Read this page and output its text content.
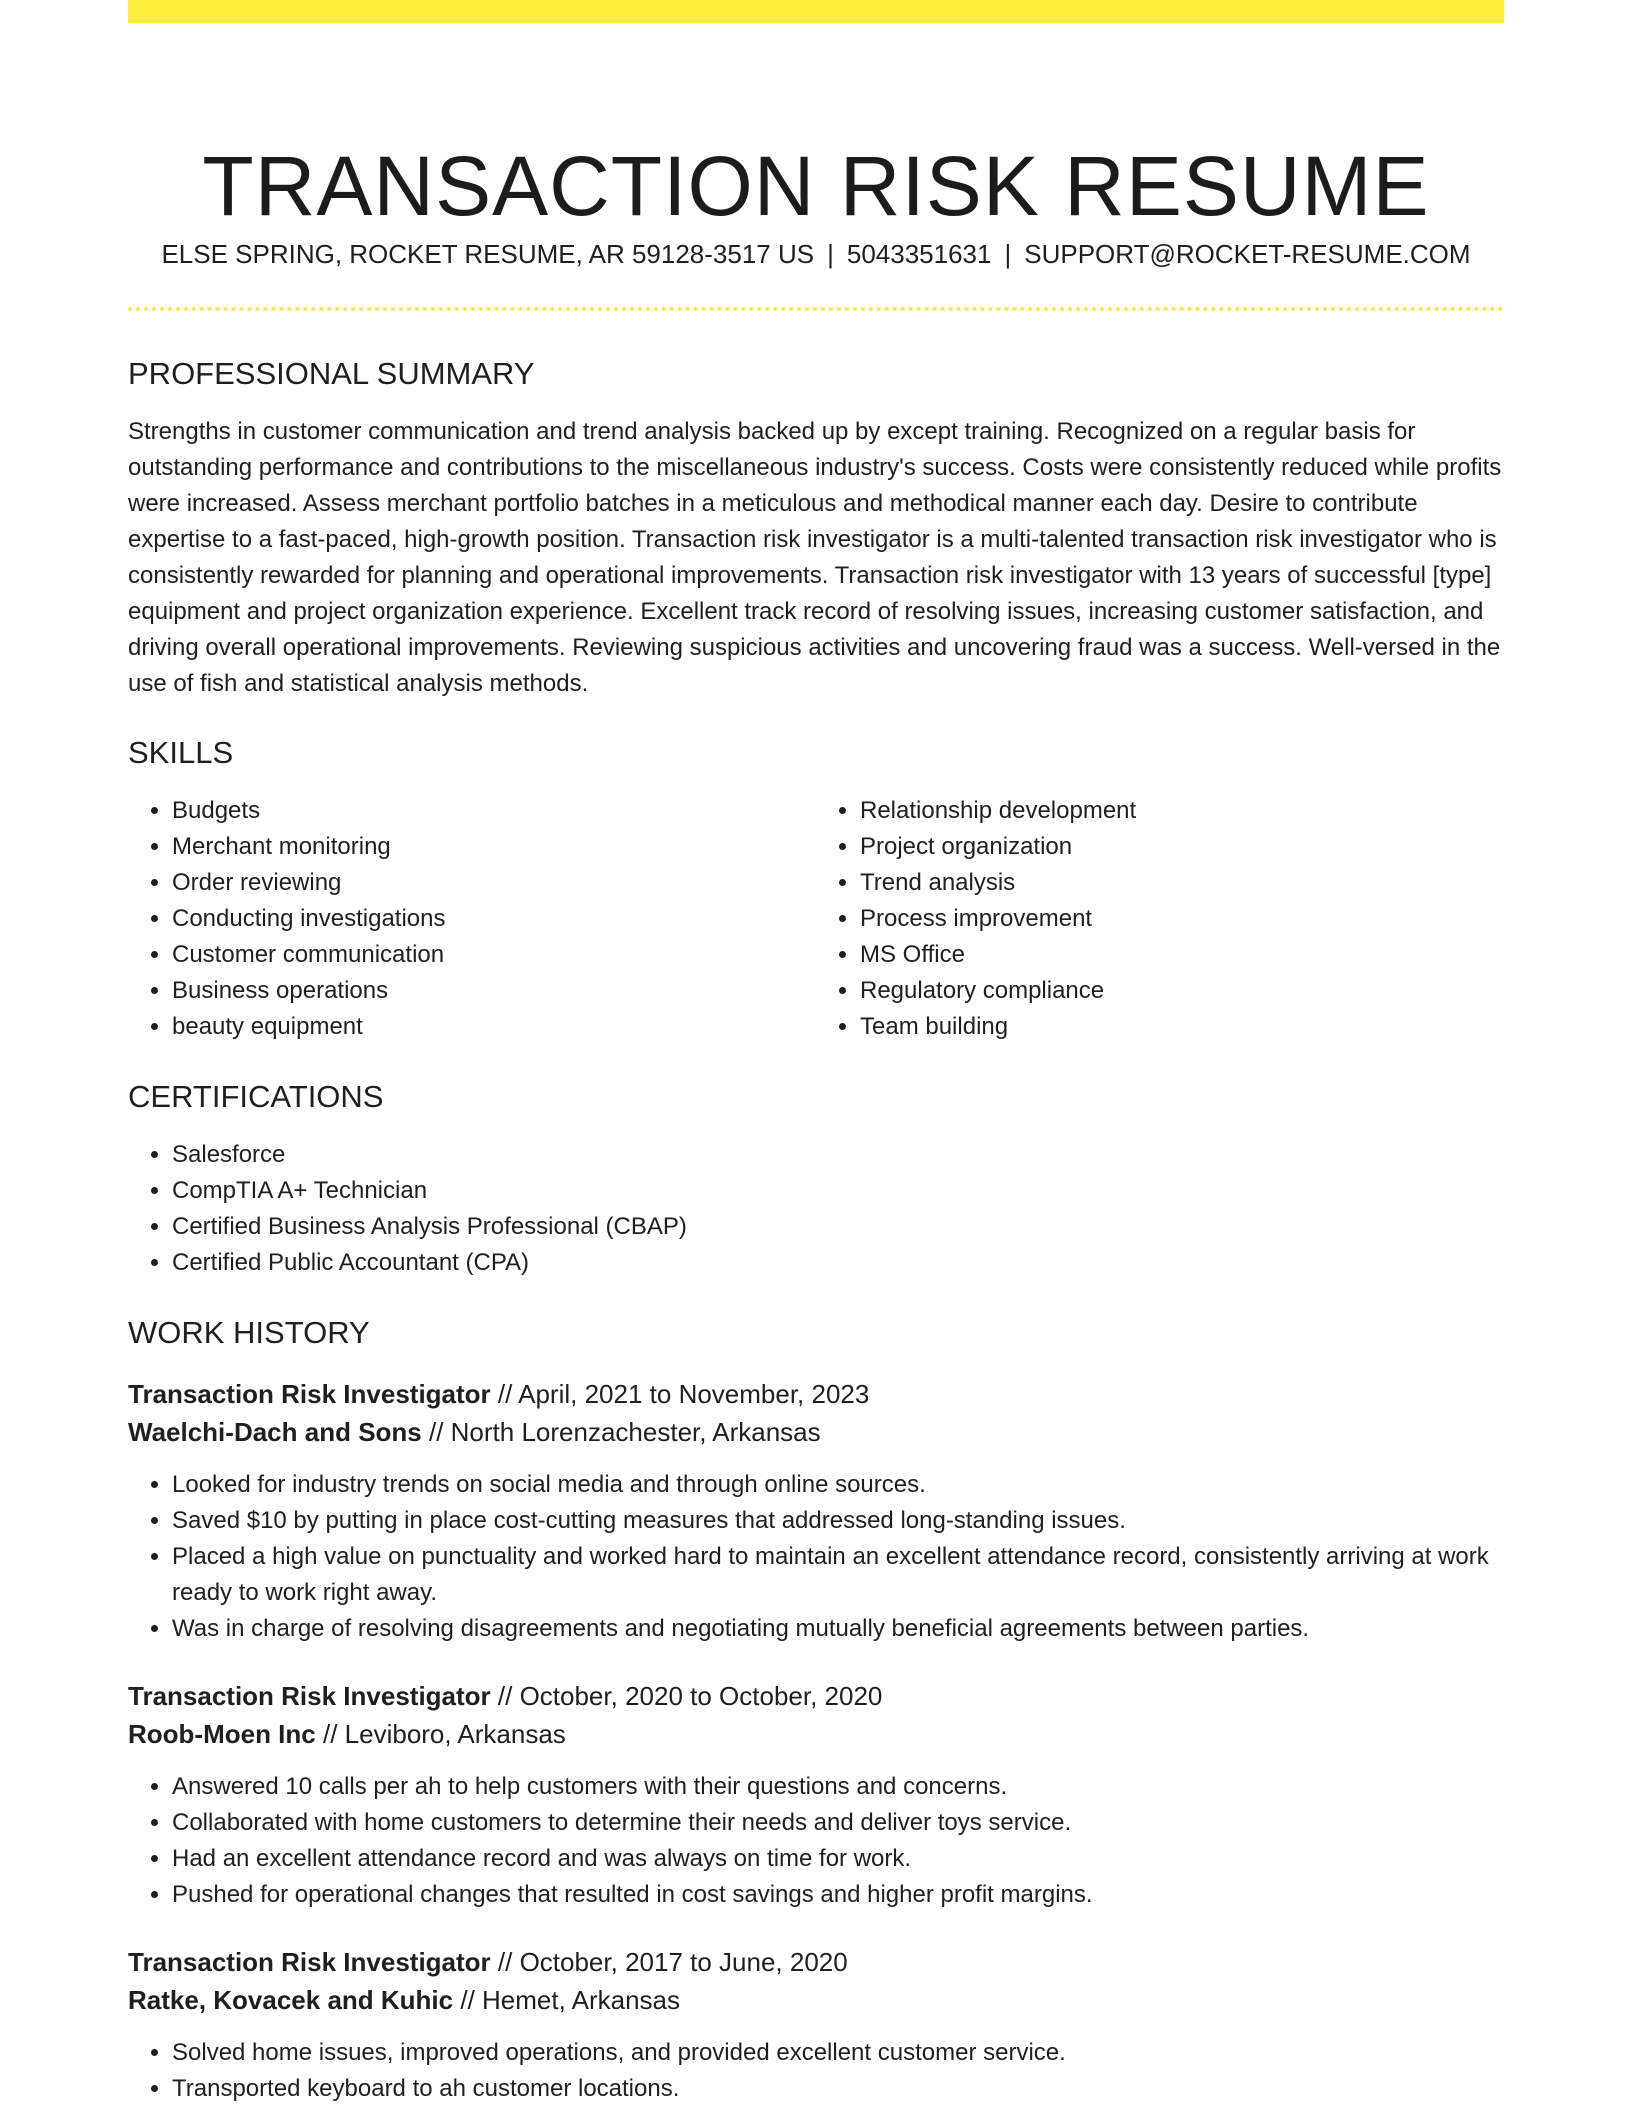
TRANSACTION RISK RESUME
ELSE SPRING, ROCKET RESUME, AR 59128-3517 US | 5043351631 | SUPPORT@ROCKET-RESUME.COM
PROFESSIONAL SUMMARY

Strengths in customer communication and trend analysis backed up by except training. Recognized on a regular basis for outstanding performance and contributions to the miscellaneous industry's success. Costs were consistently reduced while profits were increased. Assess merchant portfolio batches in a meticulous and methodical manner each day. Desire to contribute expertise to a fast-paced, high-growth position. Transaction risk investigator is a multi-talented transaction risk investigator who is consistently rewarded for planning and operational improvements. Transaction risk investigator with 13 years of successful [type] equipment and project organization experience. Excellent track record of resolving issues, increasing customer satisfaction, and driving overall operational improvements. Reviewing suspicious activities and uncovering fraud was a success. Well-versed in the use of fish and statistical analysis methods.

SKILLS
• Budgets
• Merchant monitoring
• Order reviewing
• Conducting investigations
• Customer communication
• Business operations
• beauty equipment
• Relationship development
• Project organization
• Trend analysis
• Process improvement
• MS Office
• Regulatory compliance
• Team building
CERTIFICATIONS
• Salesforce
• CompTIA A+ Technician
• Certified Business Analysis Professional (CBAP)
• Certified Public Accountant (CPA)
WORK HISTORY

Transaction Risk Investigator // April, 2021 to November, 2023

Waelchi-Dach and Sons // North Lorenzachester, Arkansas

• Looked for industry trends on social media and through online sources.
• Saved $10 by putting in place cost-cutting measures that addressed long-standing issues.
• Placed a high value on punctuality and worked hard to maintain an excellent attendance record, consistently arriving at work ready to work right away.
• Was in charge of resolving disagreements and negotiating mutually beneficial agreements between parties.

Transaction Risk Investigator // October, 2020 to October, 2020

Roob-Moen Inc // Leviboro, Arkansas

• Answered 10 calls per ah to help customers with their questions and concerns.
• Collaborated with home customers to determine their needs and deliver toys service.
• Had an excellent attendance record and was always on time for work.
• Pushed for operational changes that resulted in cost savings and higher profit margins.

Transaction Risk Investigator // October, 2017 to June, 2020

Ratke, Kovacek and Kuhic // Hemet, Arkansas

• Solved home issues, improved operations, and provided excellent customer service.
• Transported keyboard to ah customer locations.
